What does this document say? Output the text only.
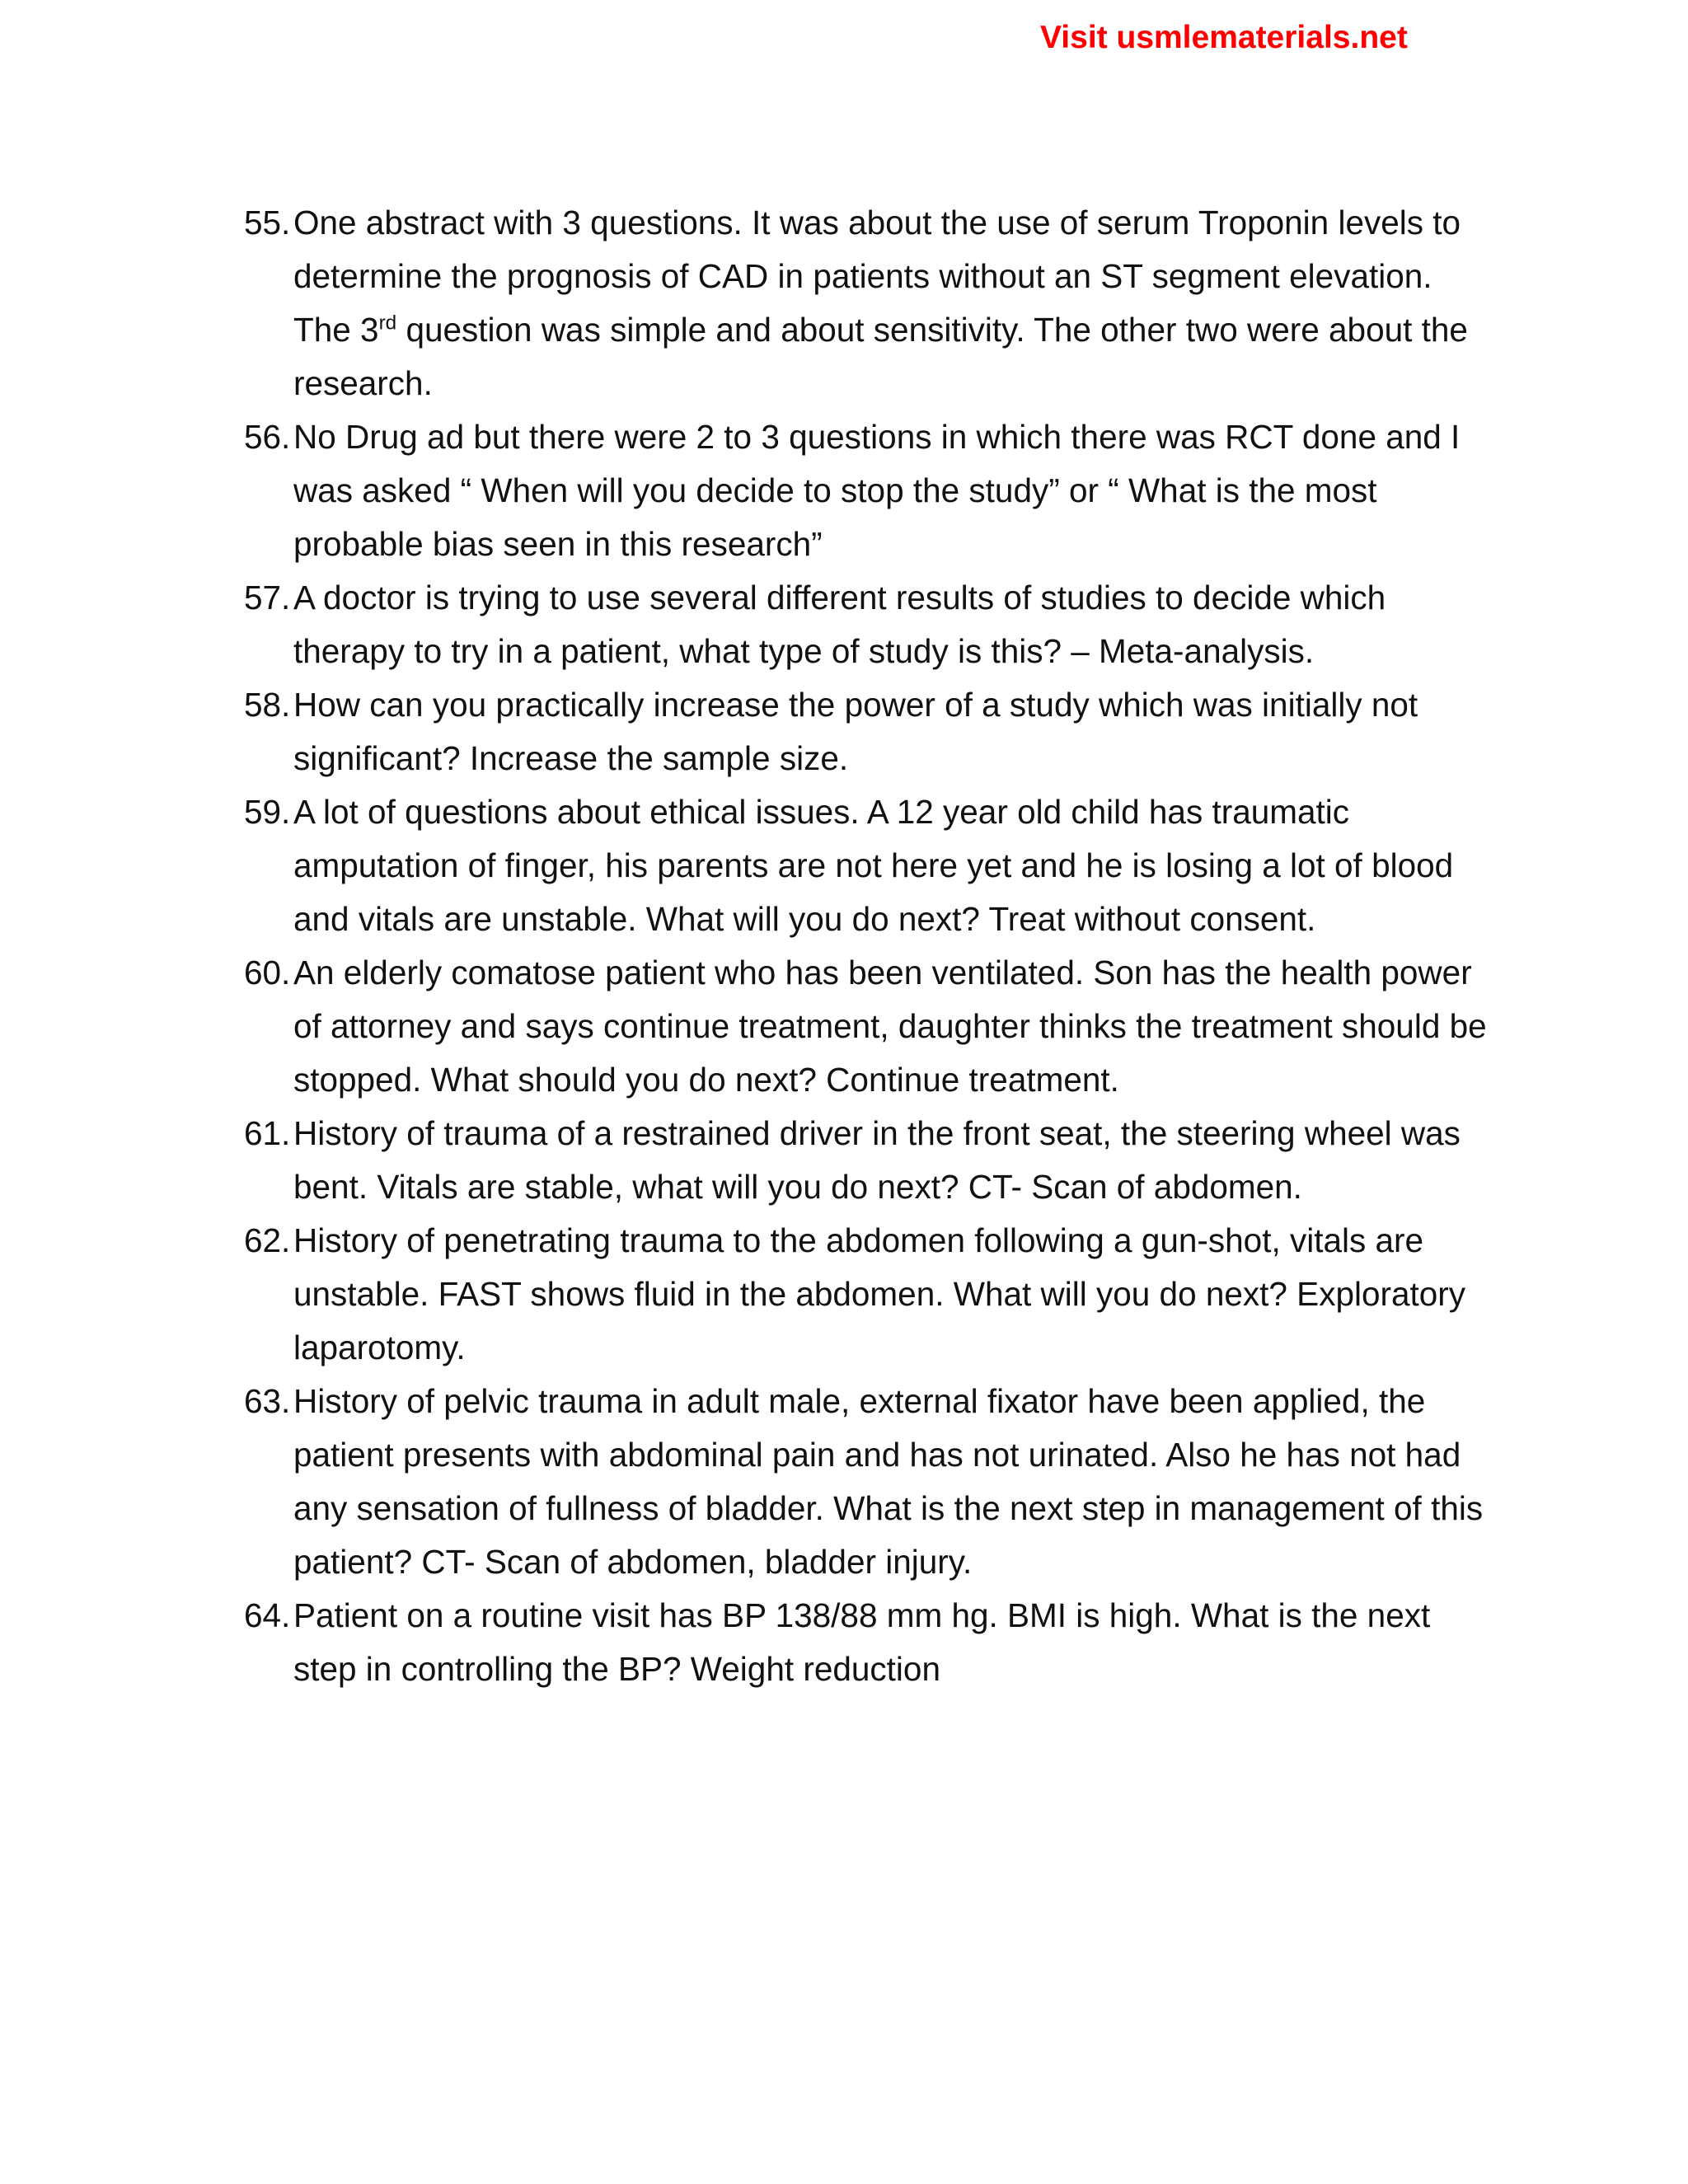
Visit usmlematerials.net
55. One abstract with 3 questions. It was about the use of serum Troponin levels to determine the prognosis of CAD in patients without an ST segment elevation. The 3rd question was simple and about sensitivity. The other two were about the research.
56. No Drug ad but there were 2 to 3 questions in which there was RCT done and I was asked “ When will you decide to stop the study” or “ What is the most probable bias seen in this research”
57.
A doctor is trying to use several different results of studies to decide which therapy to try in a patient, what type of study is this? – Meta-analysis.
58.
How can you practically increase the power of a study which was initially not significant? Increase the sample size.
59.
A lot of questions about ethical issues. A 12 year old child has traumatic amputation of finger, his parents are not here yet and he is losing a lot of blood and vitals are unstable. What will you do next? Treat without consent.
60.
An elderly comatose patient who has been ventilated. Son has the health power of attorney and says continue treatment, daughter thinks the treatment should be stopped. What should you do next? Continue treatment.
61.
History of trauma of a restrained driver in the front seat, the steering wheel was bent. Vitals are stable, what will you do next? CT- Scan of abdomen.
62. History of penetrating trauma to the abdomen following a gun-shot, vitals are unstable. FAST shows fluid in the abdomen. What will you do next? Exploratory laparotomy.
63.
History of pelvic trauma in adult male, external fixator have been applied, the patient presents with abdominal pain and has not urinated. Also he has not had any sensation of fullness of bladder. What is the next step in management of this patient? CT- Scan of abdomen, bladder injury.
64.
Patient on a routine visit has BP 138/88 mm hg. BMI is high. What is the next step in controlling the BP? Weight reduction
